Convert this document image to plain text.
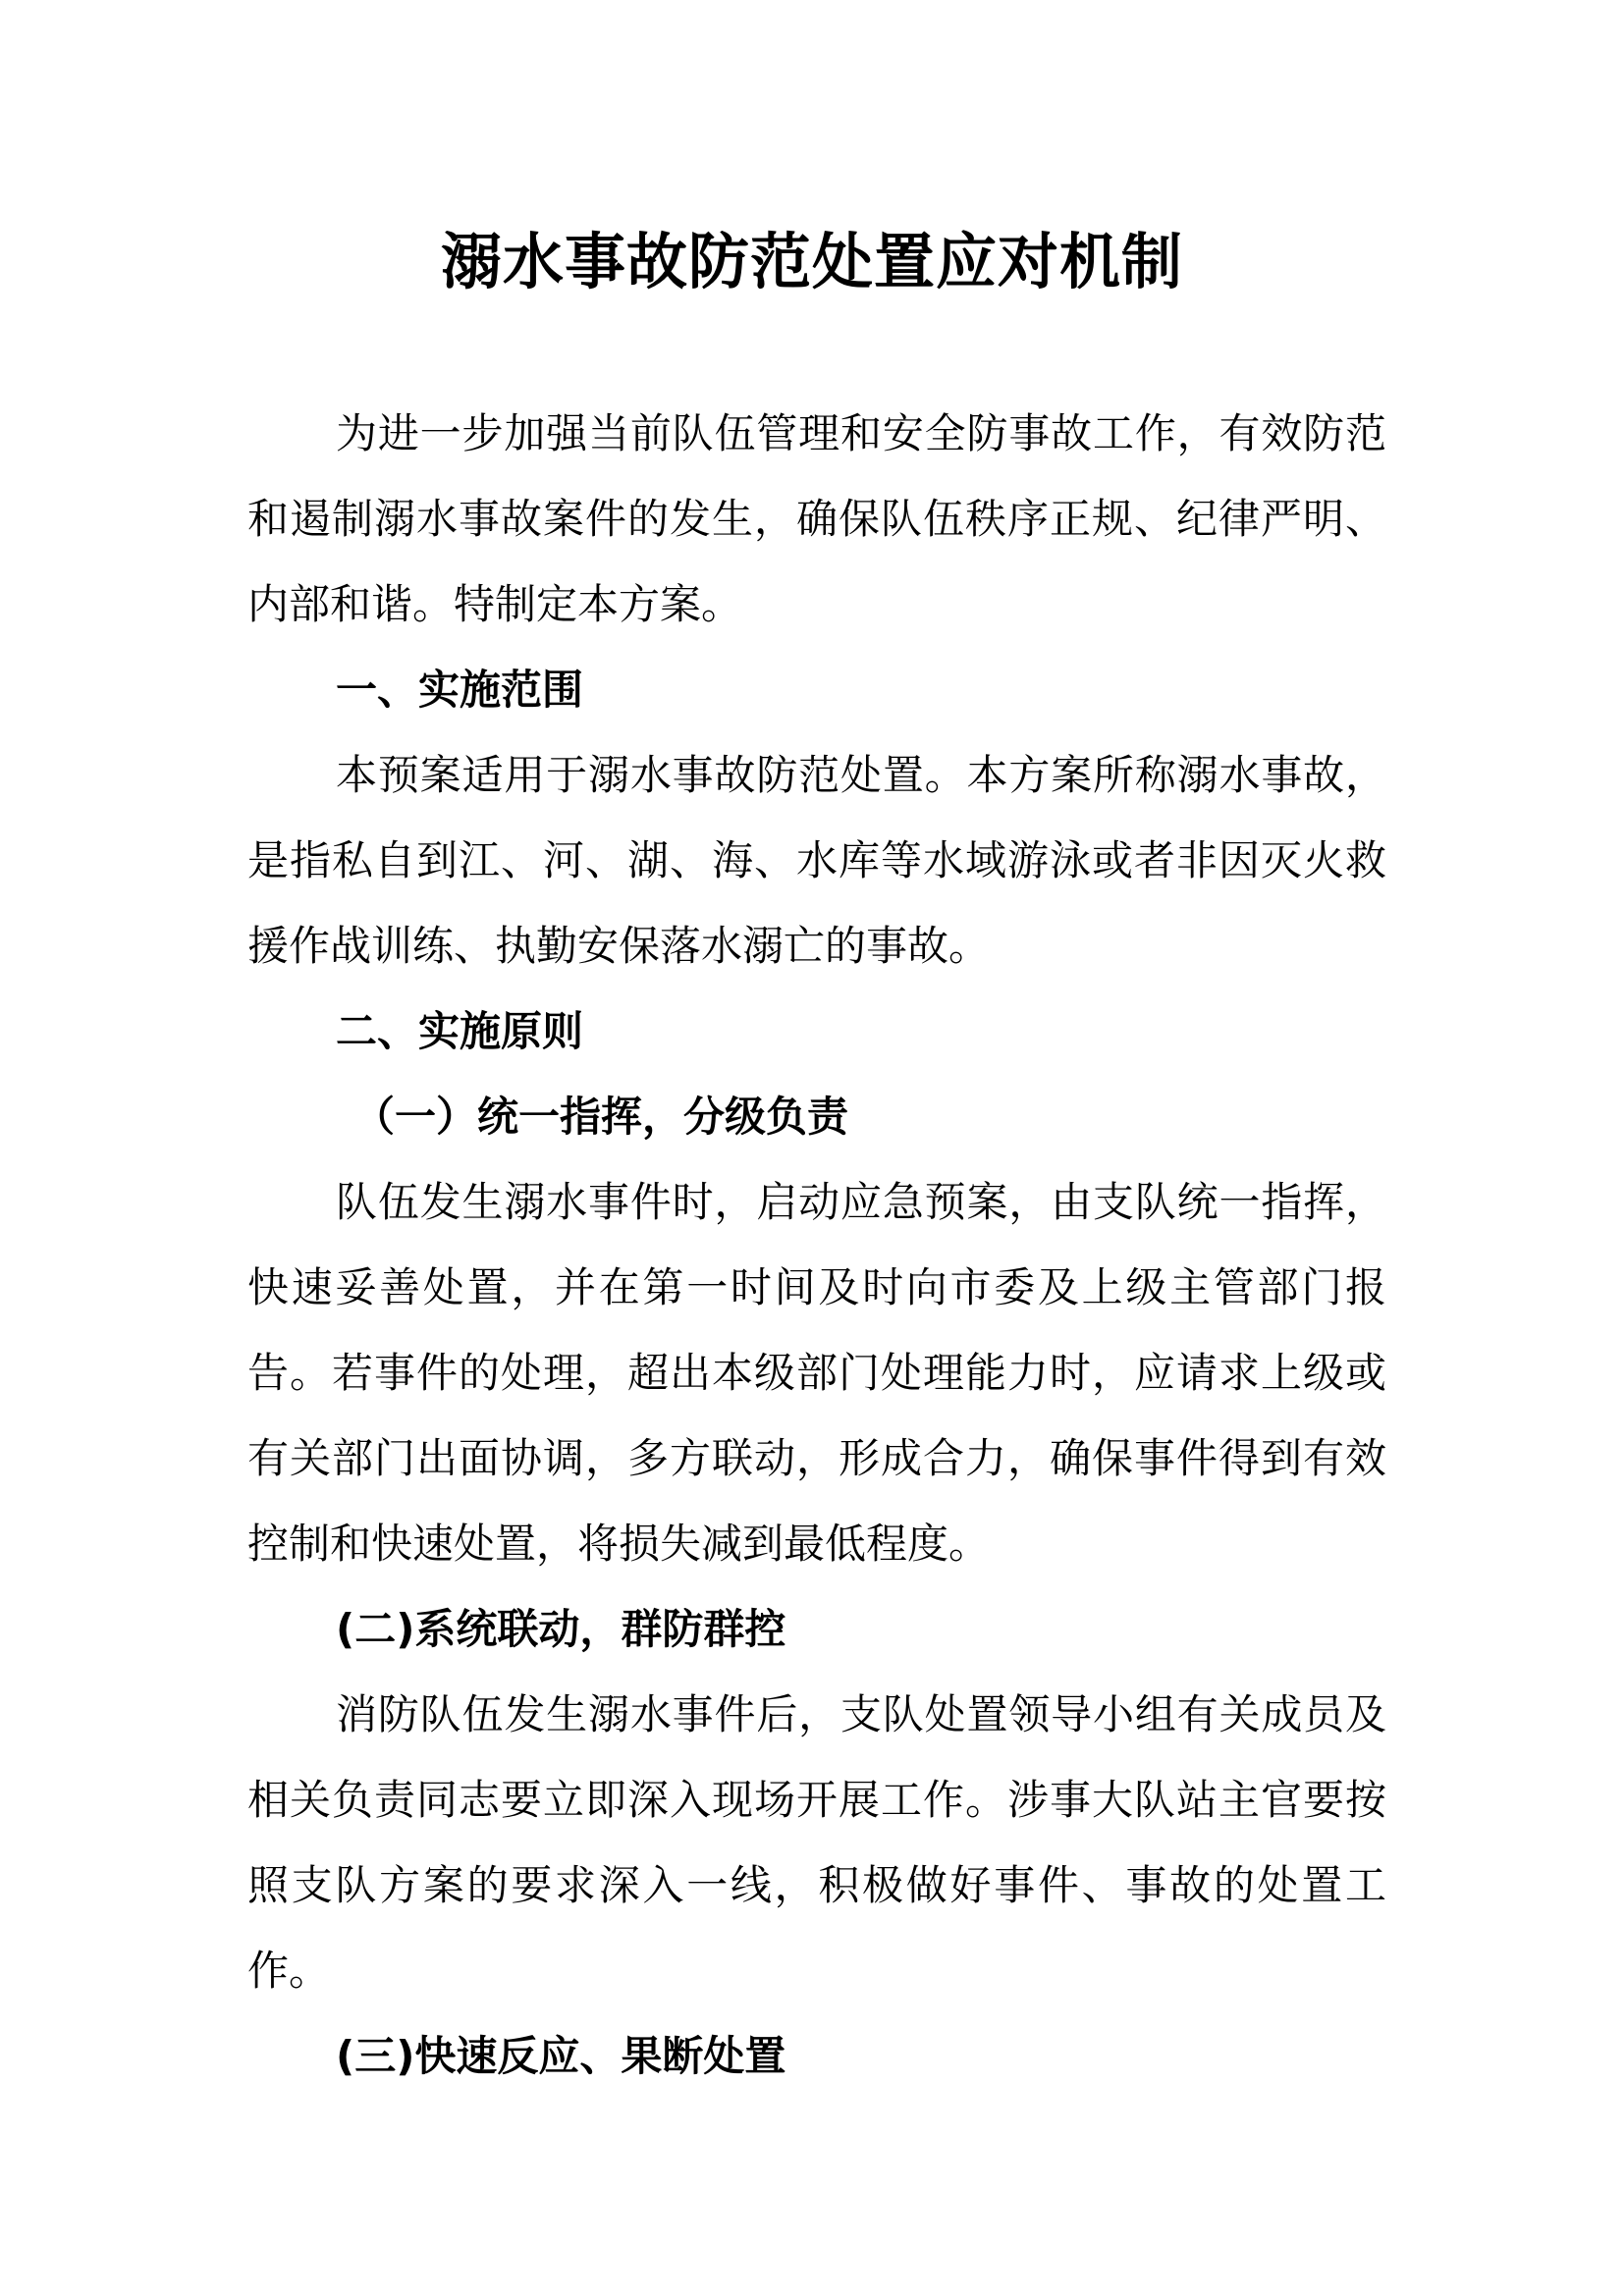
溺水事故防范处置应对机制

为进一步加强当前队伍管理和安全防事故工作，有效防范和遏制溺水事故案件的发生，确保队伍秩序正规、纪律严明、内部和谐。特制定本方案。

一、实施范围

本预案适用于溺水事故防范处置。本方案所称溺水事故，是指私自到江、河、湖、海、水库等水域游泳或者非因灭火救援作战训练、执勤安保落水溺亡的事故。

二、实施原则

（一）统一指挥，分级负责

队伍发生溺水事件时，启动应急预案，由支队统一指挥，快速妥善处置，并在第一时间及时向市委及上级主管部门报告。若事件的处理，超出本级部门处理能力时，应请求上级或有关部门出面协调，多方联动，形成合力，确保事件得到有效控制和快速处置，将损失减到最低程度。

(二)系统联动，群防群控

消防队伍发生溺水事件后，支队处置领导小组有关成员及相关负责同志要立即深入现场开展工作。涉事大队站主官要按照支队方案的要求深入一线，积极做好事件、事故的处置工作。

(三)快速反应、果断处置
